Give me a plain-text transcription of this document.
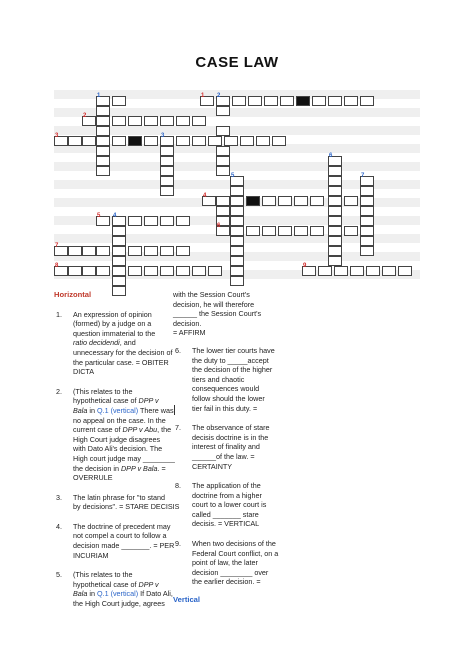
CASE LAW
1	1 2
2
3	3
6
5	7
4
5 4
6
7
8	9

Horizontal

1. An expression of opinion

(formed) by a judge on a

question immaterial to the

ratio decidendi, and

unnecessary for the decision of

the particular case. = OBITER

DICTA

2. (This relates to the

hypothetical case of DPP v

Bala in Q.1 (vertical) There was

no appeal on the case. In the

current case of DPP v Abu, the

High Court judge disagrees

with Dato Ali's decision. The

High court judge may ________

the decision in DPP v Bala. =

OVERRULE

3. The latin phrase for "to stand

by decisions". = STARE DECISIS

4. The doctrine of precedent may

not compel a court to follow a

decision made _______. = PER

INCURIAM

5. (This relates to the

hypothetical case of DPP v

Bala in Q.1 (vertical) If Dato Ali,

the High Court judge, agrees

with the Session Court's

decision, he will therefore

______ the Session Court's

decision.

= AFFIRM

6. The lower tier courts have

the duty to _____accept

the decision of the higher

tiers and chaotic

consequences would

follow should the lower

tier fail in this duty. =

7. The observance of stare

decisis doctrine is in the

interest of finality and

______of the law. =

CERTAINTY

8. The application of the

doctrine from a higher

court to a lower court is

called _______ stare

decisis. = VERTICAL

9. When two decisions of the

Federal Court conflict, on a

point of law, the later

decision ________ over

the earlier decision. =

Vertical
